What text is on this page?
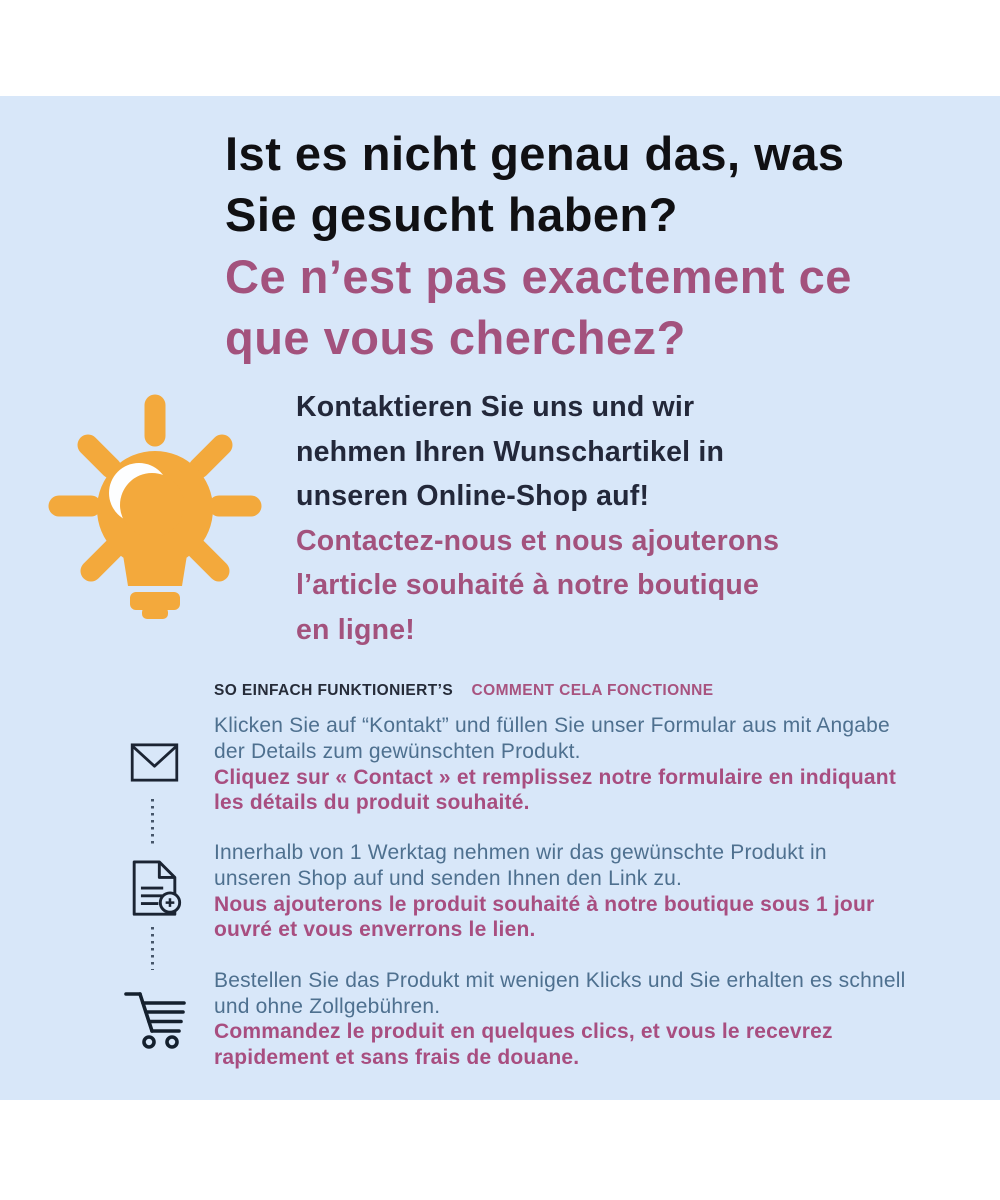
Ist es nicht genau das, was
Sie gesucht haben?
Ce n’est pas exactement ce
que vous cherchez?
Kontaktieren Sie uns und wir
nehmen Ihren Wunschartikel in
unseren Online-Shop auf!
Contactez-nous et nous ajouterons
l’article souhaité à notre boutique
en ligne!
SO EINFACH FUNKTIONIERT’S COMMENT CELA FONCTIONNE
Klicken Sie auf “Kontakt” und füllen Sie unser Formular aus mit Angabe
der Details zum gewünschten Produkt.
Cliquez sur « Contact » et remplissez notre formulaire en indiquant
les détails du produit souhaité.
Innerhalb von 1 Werktag nehmen wir das gewünschte Produkt in
unseren Shop auf und senden Ihnen den Link zu.
Nous ajouterons le produit souhaité à notre boutique sous 1 jour
ouvré et vous enverrons le lien.
Bestellen Sie das Produkt mit wenigen Klicks und Sie erhalten es schnell
und ohne Zollgebühren.
Commandez le produit en quelques clics, et vous le recevrez
rapidement et sans frais de douane.
